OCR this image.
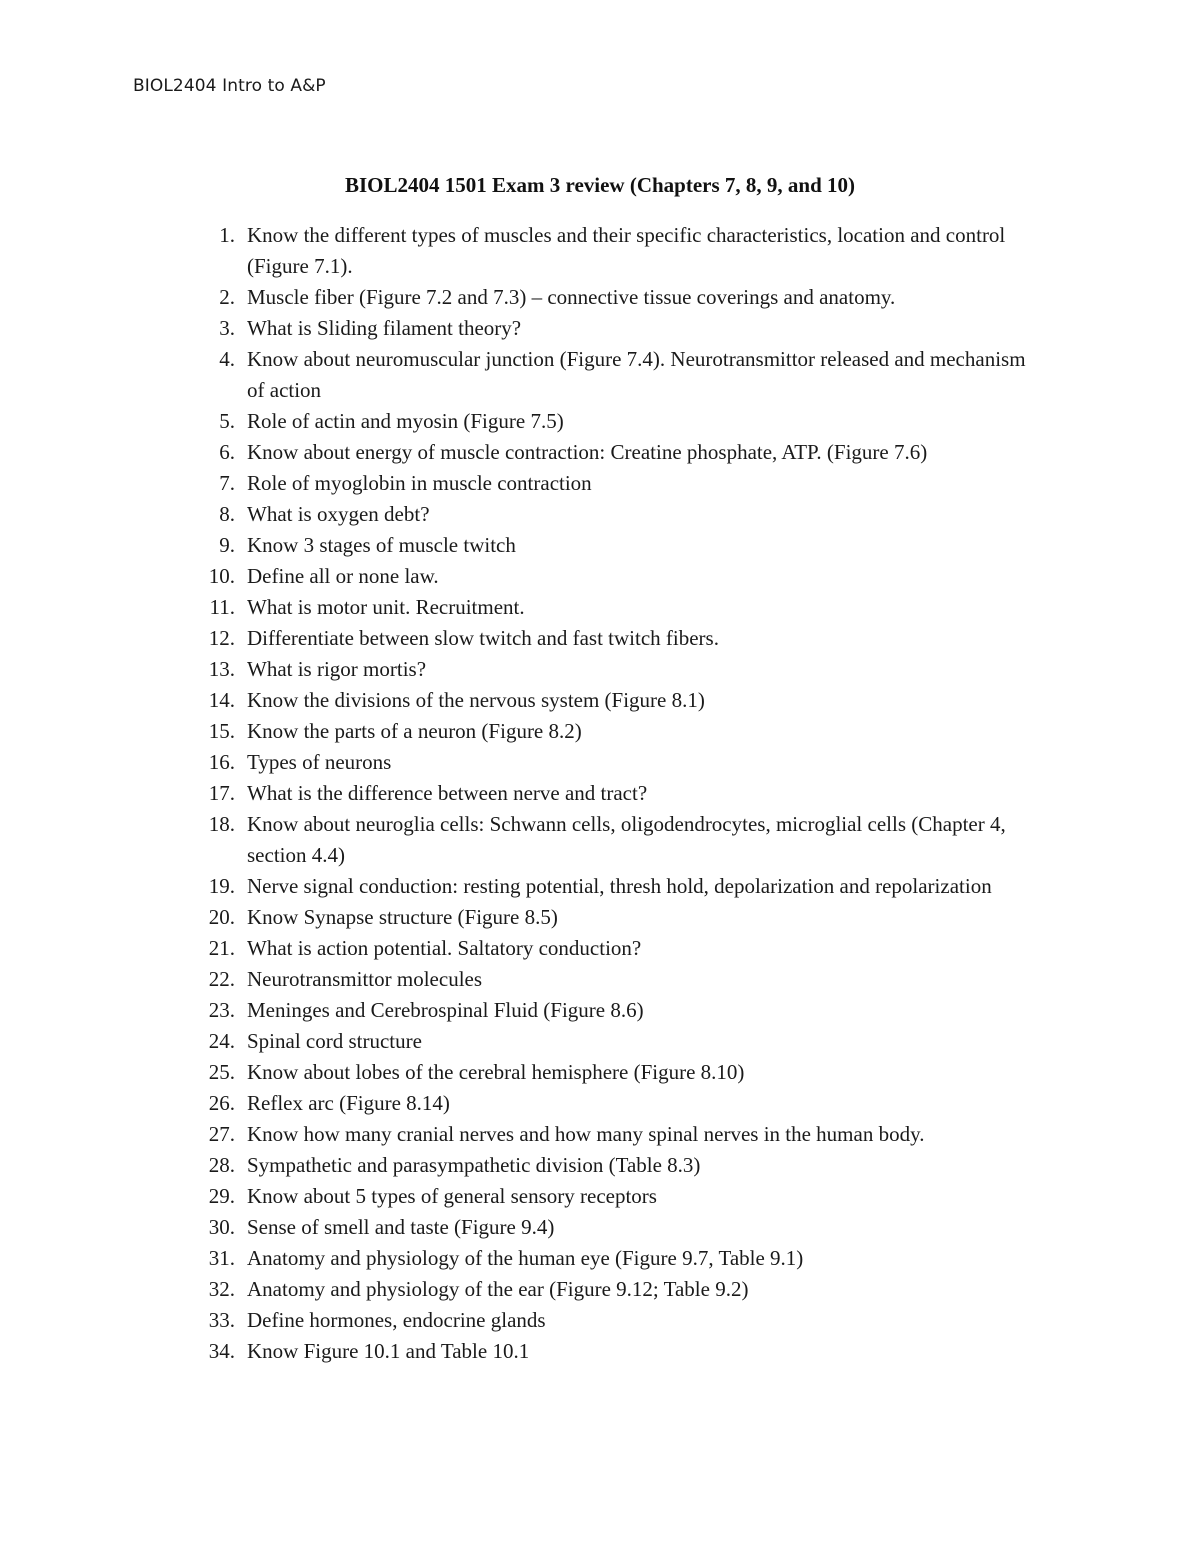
BIOL2404 Intro to A&P
BIOL2404 1501 Exam 3 review (Chapters 7, 8, 9, and 10)
1. Know the different types of muscles and their specific characteristics, location and control (Figure 7.1).
2. Muscle fiber (Figure 7.2 and 7.3) – connective tissue coverings and anatomy.
3. What is Sliding filament theory?
4. Know about neuromuscular junction (Figure 7.4). Neurotransmittor released and mechanism of action
5. Role of actin and myosin (Figure 7.5)
6. Know about energy of muscle contraction: Creatine phosphate, ATP. (Figure 7.6)
7. Role of myoglobin in muscle contraction
8. What is oxygen debt?
9. Know 3 stages of muscle twitch
10. Define all or none law.
11. What is motor unit. Recruitment.
12. Differentiate between slow twitch and fast twitch fibers.
13. What is rigor mortis?
14. Know the divisions of the nervous system (Figure 8.1)
15. Know the parts of a neuron (Figure 8.2)
16. Types of neurons
17. What is the difference between nerve and tract?
18. Know about neuroglia cells: Schwann cells, oligodendrocytes, microglial cells (Chapter 4, section 4.4)
19. Nerve signal conduction: resting potential, thresh hold, depolarization and repolarization
20. Know Synapse structure (Figure 8.5)
21. What is action potential. Saltatory conduction?
22. Neurotransmittor molecules
23. Meninges and Cerebrospinal Fluid (Figure 8.6)
24. Spinal cord structure
25. Know about lobes of the cerebral hemisphere (Figure 8.10)
26. Reflex arc (Figure 8.14)
27. Know how many cranial nerves and how many spinal nerves in the human body.
28. Sympathetic and parasympathetic division (Table 8.3)
29. Know about 5 types of general sensory receptors
30. Sense of smell and taste (Figure 9.4)
31. Anatomy and physiology of the human eye (Figure 9.7, Table 9.1)
32. Anatomy and physiology of the ear (Figure 9.12; Table 9.2)
33. Define hormones, endocrine glands
34. Know Figure 10.1 and Table 10.1
